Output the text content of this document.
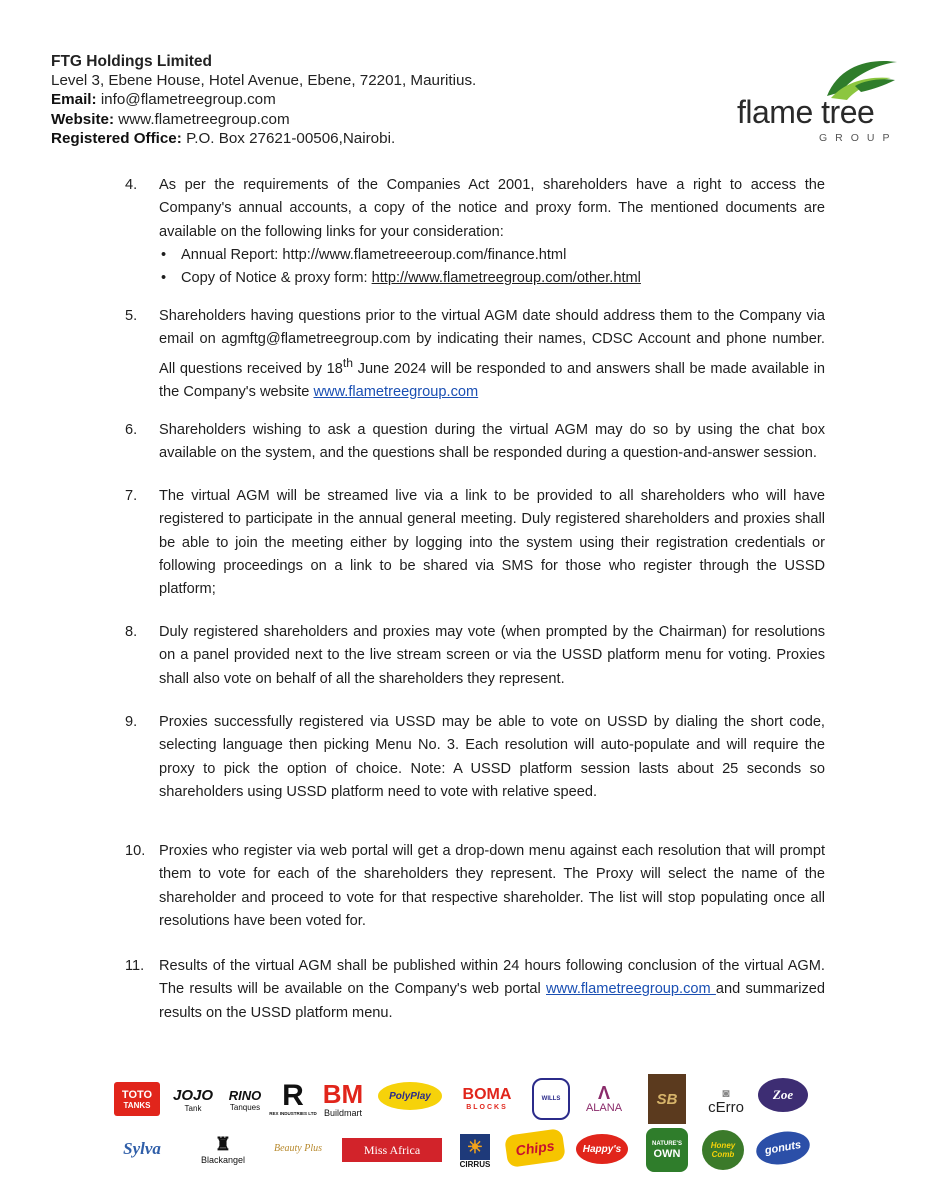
FTG Holdings Limited
Level 3, Ebene House, Hotel Avenue, Ebene, 72201, Mauritius.
Email: info@flametreegroup.com
Website: www.flametreegroup.com
Registered Office: P.O. Box 27621-00506,Nairobi.
flame tree
GROUP
4. As per the requirements of the Companies Act 2001, shareholders have a right to access the Company's annual accounts, a copy of the notice and proxy form. The mentioned documents are available on the following links for your consideration:
• Annual Report: http://www.flametreeeroup.com/finance.html
• Copy of Notice & proxy form: http://www.flametreegroup.com/other.html
5. Shareholders having questions prior to the virtual AGM date should address them to the Company via email on agmftg@flametreegroup.com by indicating their names, CDSC Account and phone number. All questions received by 18th June 2024 will be responded to and answers shall be made available in the Company's website www.flametreegroup.com
6. Shareholders wishing to ask a question during the virtual AGM may do so by using the chat box available on the system, and the questions shall be responded during a question-and-answer session.
7. The virtual AGM will be streamed live via a link to be provided to all shareholders who will have registered to participate in the annual general meeting. Duly registered shareholders and proxies shall be able to join the meeting either by logging into the system using their registration credentials or following proceedings on a link to be shared via SMS for those who register through the USSD platform;
8. Duly registered shareholders and proxies may vote (when prompted by the Chairman) for resolutions on a panel provided next to the live stream screen or via the USSD platform menu for voting. Proxies shall also vote on behalf of all the shareholders they represent.
9. Proxies successfully registered via USSD may be able to vote on USSD by dialing the short code, selecting language then picking Menu No. 3. Each resolution will auto-populate and will require the proxy to pick the option of choice. Note: A USSD platform session lasts about 25 seconds so shareholders using USSD platform need to vote with relative speed.
10. Proxies who register via web portal will get a drop-down menu against each resolution that will prompt them to vote for each of the shareholders they represent. The Proxy will select the name of the shareholder and proceed to vote for that respective shareholder. The list will stop populating once all resolutions have been voted for.
11. Results of the virtual AGM shall be published within 24 hours following conclusion of the virtual AGM. The results will be available on the Company's web portal www.flametreegroup.com and summarized results on the USSD platform menu.
TOTO
TANKS
JOJO
Tank
RINO
Tanques R
REX INDUSTRIES LTD
BM
Buildmart
PolyPlay BOMA
BLOCKS
WILLS Λ
ALANA
SB	◙
cErro
Zoe
Sylva	♜
Blackangel
Beauty Plus	Miss Africa	☀
CIRRUS
Chips	Happy's	NATURE'S
OWN
Honey
Comb	gonuts
